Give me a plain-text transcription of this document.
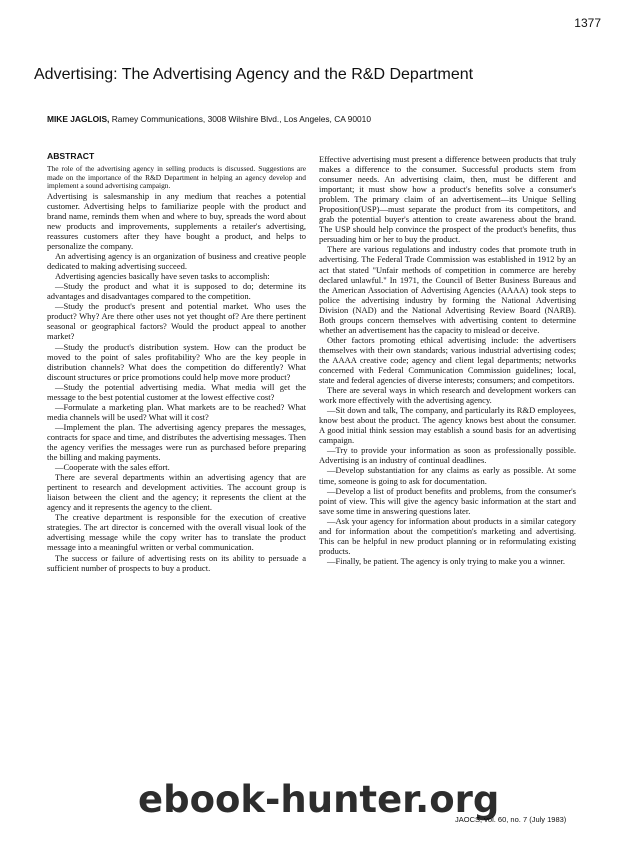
1377
Advertising: The Advertising Agency and the R&D Department
MIKE JAGLOIS, Ramey Communications, 3008 Wilshire Blvd., Los Angeles, CA 90010
ABSTRACT

The role of the advertising agency in selling products is discussed. Suggestions are made on the importance of the R&D Department in helping an agency develop and implement a sound advertising campaign.

Advertising is salesmanship in any medium that reaches a potential customer. Advertising helps to familiarize people with the product and brand name, reminds them when and where to buy, spreads the word about new products and improvements, supplements a retailer's advertising, reassures customers after they have bought a product, and helps to personalize the company.

An advertising agency is an organization of business and creative people dedicated to making advertising succeed.

Advertising agencies basically have seven tasks to accomplish:

—Study the product and what it is supposed to do; determine its advantages and disadvantages compared to the competition.

—Study the product's present and potential market. Who uses the product? Why? Are there other uses not yet thought of? Are there pertinent seasonal or geographical factors? Would the product appeal to another market?

—Study the product's distribution system. How can the product be moved to the point of sales profitability? Who are the key people in distribution channels? What does the competition do differently? What discount structures or price promotions could help move more product?

—Study the potential advertising media. What media will get the message to the best potential customer at the lowest effective cost?

—Formulate a marketing plan. What markets are to be reached? What media channels will be used? What will it cost?

—Implement the plan. The advertising agency prepares the messages, contracts for space and time, and distributes the advertising messages. Then the agency verifies the messages were run as purchased before preparing the billing and making payments.

—Cooperate with the sales effort.

There are several departments within an advertising agency that are pertinent to research and development activities. The account group is liaison between the client and the agency; it represents the client at the agency and it represents the agency to the client.

The creative department is responsible for the execution of creative strategies. The art director is concerned with the overall visual look of the advertising message while the copy writer has to translate the product message into a meaningful written or verbal communication.

The success or failure of advertising rests on its ability to persuade a sufficient number of prospects to buy a product.

Effective advertising must present a difference between products that truly makes a difference to the consumer. Successful products stem from consumer needs. An advertising claim, then, must be different and important; it must show how a product's benefits solve a consumer's problem. The primary claim of an advertisement—its Unique Selling Proposition(USP)—must separate the product from its competitors, and grab the potential buyer's attention to create awareness about the brand. The USP should help convince the prospect of the product's benefits, thus persuading him or her to buy the product.

There are various regulations and industry codes that promote truth in advertising. The Federal Trade Commission was established in 1912 by an act that stated "Unfair methods of competition in commerce are hereby declared unlawful." In 1971, the Council of Better Business Bureaus and the American Association of Advertising Agencies (AAAA) took steps to police the advertising industry by forming the National Advertising Division (NAD) and the National Advertising Review Board (NARB). Both groups concern themselves with advertising content to determine whether an advertisement has the capacity to mislead or deceive.

Other factors promoting ethical advertising include: the advertisers themselves with their own standards; various industrial advertising codes; the AAAA creative code; agency and client legal departments; networks concerned with Federal Communication Commission guidelines; local, state and federal agencies of diverse interests; consumers; and competitors.

There are several ways in which research and development workers can work more effectively with the advertising agency.

—Sit down and talk, The company, and particularly its R&D employees, know best about the product. The agency knows best about the consumer. A good initial think session may establish a sound basis for an advertising campaign.

—Try to provide your information as soon as professionally possible. Advertising is an industry of continual deadlines.

—Develop substantiation for any claims as early as possible. At some time, someone is going to ask for documentation.

—Develop a list of product benefits and problems, from the consumer's point of view. This will give the agency basic information at the start and save some time in answering questions later.

—Ask your agency for information about products in a similar category and for information about the competition's marketing and advertising. This can be helpful in new product planning or in reformulating existing products.

—Finally, be patient. The agency is only trying to make you a winner.

JAOCS, vol. 60, no. 7 (July 1983)
ebook-hunter.org
